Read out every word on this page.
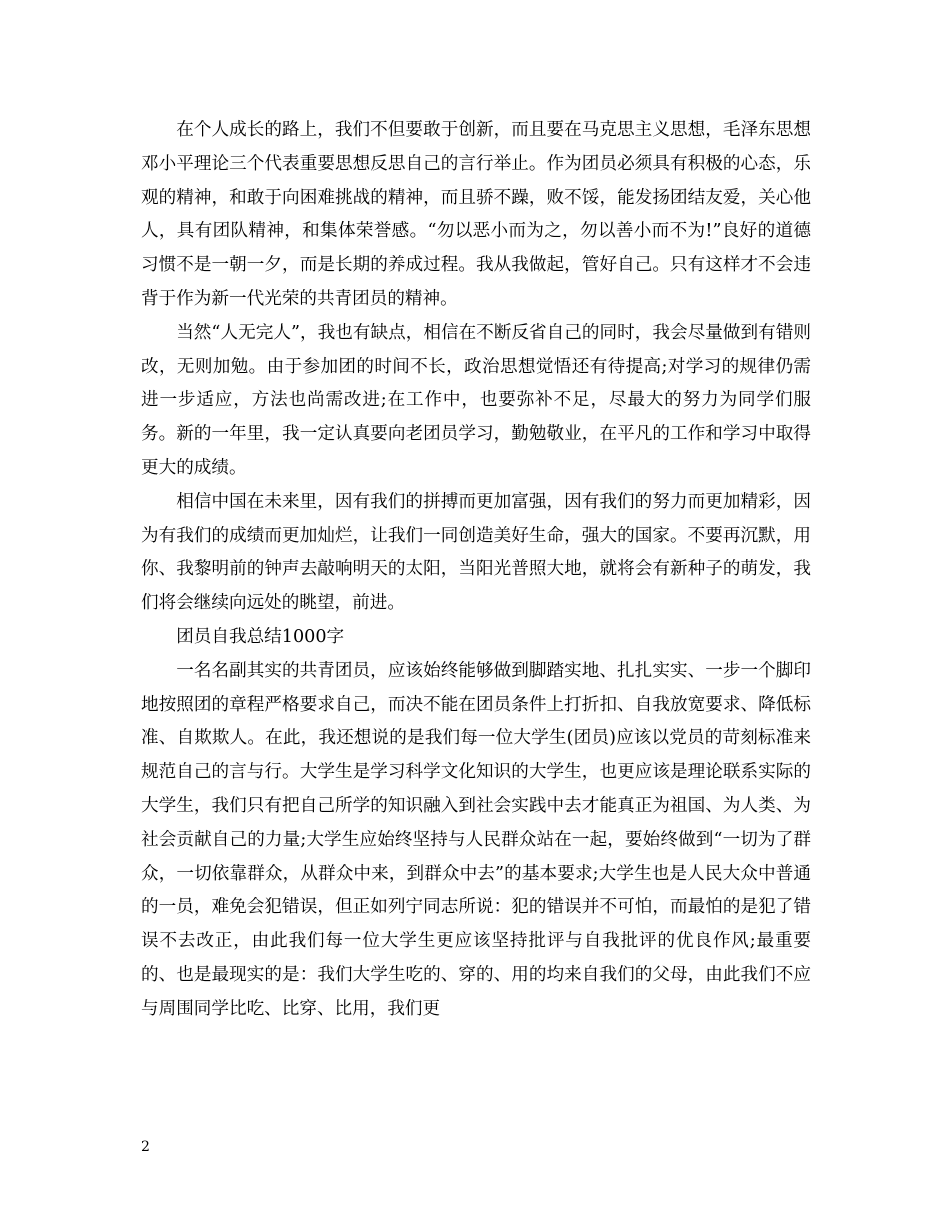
在个人成长的路上，我们不但要敢于创新，而且要在马克思主义思想，毛泽东思想邓小平理论三个代表重要思想反思自己的言行举止。作为团员必须具有积极的心态，乐观的精神，和敢于向困难挑战的精神，而且骄不躁，败不馁，能发扬团结友爱，关心他人，具有团队精神，和集体荣誉感。“勿以恶小而为之，勿以善小而不为!”良好的道德习惯不是一朝一夕，而是长期的养成过程。我从我做起，管好自己。只有这样才不会违背于作为新一代光荣的共青团员的精神。

当然“人无完人”，我也有缺点，相信在不断反省自己的同时，我会尽量做到有错则改，无则加勉。由于参加团的时间不长，政治思想觉悟还有待提高;对学习的规律仍需进一步适应，方法也尚需改进;在工作中，也要弥补不足，尽最大的努力为同学们服务。新的一年里，我一定认真要向老团员学习，勤勉敬业，在平凡的工作和学习中取得更大的成绩。

相信中国在未来里，因有我们的拼搏而更加富强，因有我们的努力而更加精彩，因为有我们的成绩而更加灿烂，让我们一同创造美好生命，强大的国家。不要再沉默，用你、我黎明前的钟声去敲响明天的太阳，当阳光普照大地，就将会有新种子的萌发，我们将会继续向远处的眺望，前进。

团员自我总结1000字

一名名副其实的共青团员，应该始终能够做到脚踏实地、扎扎实实、一步一个脚印地按照团的章程严格要求自己，而决不能在团员条件上打折扣、自我放宽要求、降低标准、自欺欺人。在此，我还想说的是我们每一位大学生(团员)应该以党员的苛刻标准来规范自己的言与行。大学生是学习科学文化知识的大学生，也更应该是理论联系实际的大学生，我们只有把自己所学的知识融入到社会实践中去才能真正为祖国、为人类、为社会贡献自己的力量;大学生应始终坚持与人民群众站在一起，要始终做到“一切为了群众，一切依靠群众，从群众中来，到群众中去”的基本要求;大学生也是人民大众中普通的一员，难免会犯错误，但正如列宁同志所说：犯的错误并不可怕，而最怕的是犯了错误不去改正，由此我们每一位大学生更应该坚持批评与自我批评的优良作风;最重要的、也是最现实的是：我们大学生吃的、穿的、用的均来自我们的父母，由此我们不应与周围同学比吃、比穿、比用，我们更

2
